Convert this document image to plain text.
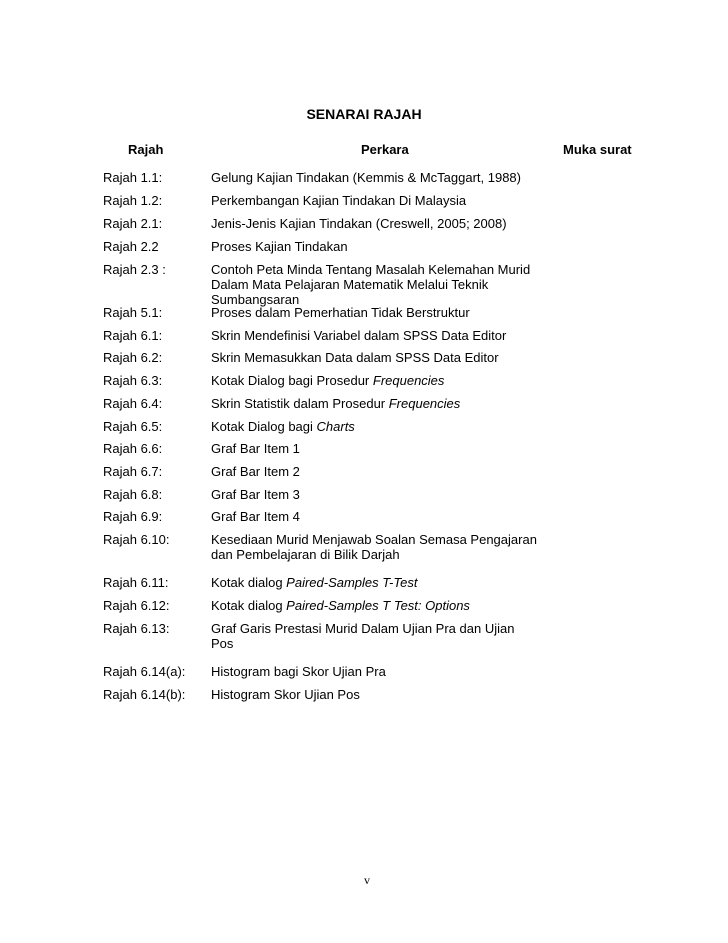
SENARAI RAJAH
Rajah	Perkara	Muka surat
Rajah 1.1:	Gelung Kajian Tindakan (Kemmis & McTaggart, 1988)
Rajah 1.2:	Perkembangan Kajian Tindakan Di Malaysia
Rajah 2.1:	Jenis-Jenis Kajian Tindakan (Creswell, 2005; 2008)
Rajah 2.2	Proses Kajian Tindakan
Rajah 2.3 :	Contoh Peta Minda Tentang Masalah Kelemahan Murid
Dalam Mata Pelajaran Matematik Melalui Teknik
Sumbangsaran
Rajah 5.1:	Proses dalam Pemerhatian Tidak Berstruktur
Rajah 6.1:	Skrin Mendefinisi Variabel dalam SPSS Data Editor
Rajah 6.2:	Skrin Memasukkan Data dalam SPSS Data Editor
Rajah 6.3:	Kotak Dialog bagi Prosedur Frequencies
Rajah 6.4:	Skrin Statistik dalam Prosedur Frequencies
Rajah 6.5:	Kotak Dialog bagi Charts
Rajah 6.6:	Graf Bar Item 1
Rajah 6.7:	Graf Bar Item 2
Rajah 6.8:	Graf Bar Item 3
Rajah 6.9:	Graf Bar Item 4
Rajah 6.10:	Kesediaan Murid Menjawab Soalan Semasa Pengajaran
dan Pembelajaran di Bilik Darjah
Rajah 6.11:	Kotak dialog Paired-Samples T-Test
Rajah 6.12:	Kotak dialog Paired-Samples T Test: Options
Rajah 6.13:	Graf Garis Prestasi Murid Dalam Ujian Pra dan Ujian
Pos
Rajah 6.14(a): Histogram bagi Skor Ujian Pra
Rajah 6.14(b): Histogram Skor Ujian Pos
v
